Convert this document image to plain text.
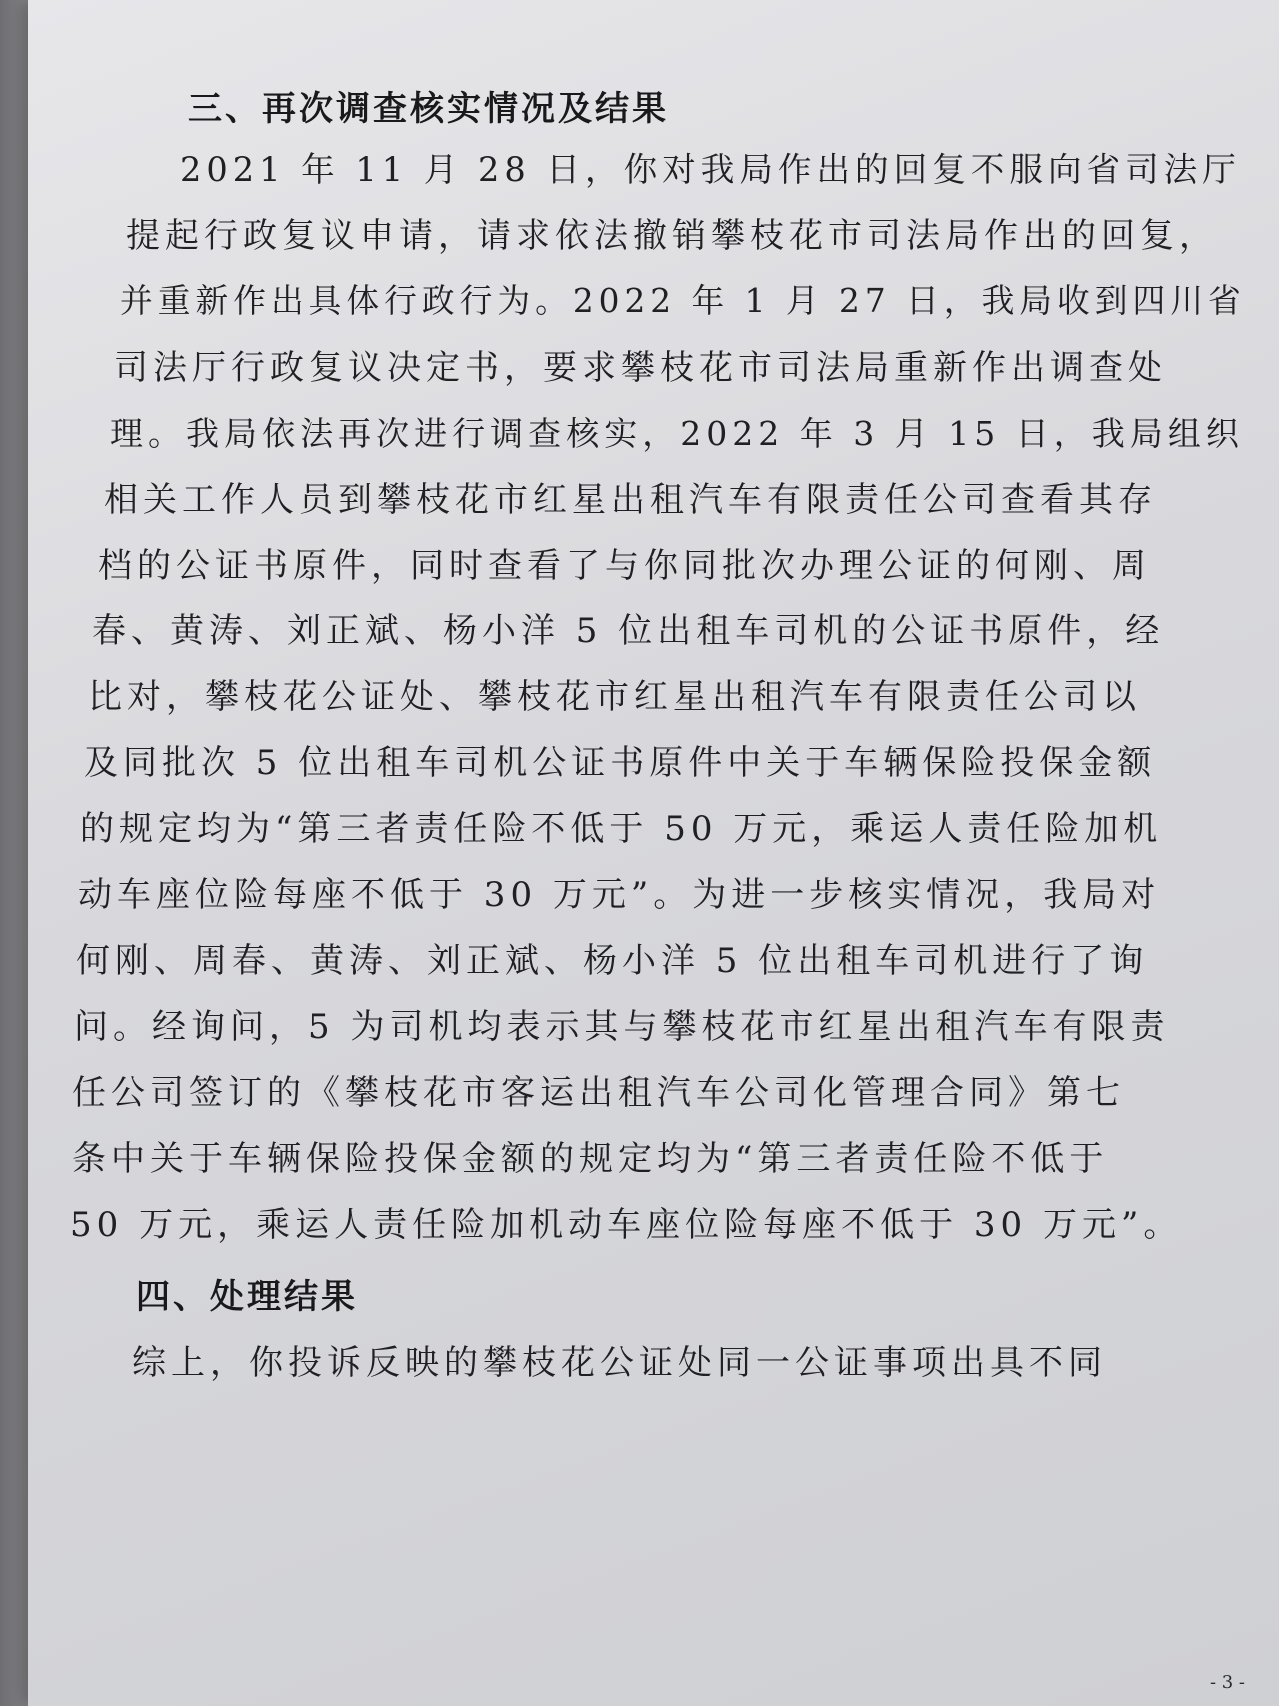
三、再次调查核实情况及结果
2021 年 11 月 28 日，你对我局作出的回复不服向省司法厅
提起行政复议申请，请求依法撤销攀枝花市司法局作出的回复，
并重新作出具体行政行为。2022 年 1 月 27 日，我局收到四川省
司法厅行政复议决定书，要求攀枝花市司法局重新作出调查处
理。我局依法再次进行调查核实，2022 年 3 月 15 日，我局组织
相关工作人员到攀枝花市红星出租汽车有限责任公司查看其存
档的公证书原件，同时查看了与你同批次办理公证的何刚、周
春、黄涛、刘正斌、杨小洋 5 位出租车司机的公证书原件，经
比对，攀枝花公证处、攀枝花市红星出租汽车有限责任公司以
及同批次 5 位出租车司机公证书原件中关于车辆保险投保金额
的规定均为“第三者责任险不低于 50 万元，乘运人责任险加机
动车座位险每座不低于 30 万元”。为进一步核实情况，我局对
何刚、周春、黄涛、刘正斌、杨小洋 5 位出租车司机进行了询
问。经询问，5 为司机均表示其与攀枝花市红星出租汽车有限责
任公司签订的《攀枝花市客运出租汽车公司化管理合同》第七
条中关于车辆保险投保金额的规定均为“第三者责任险不低于
50 万元，乘运人责任险加机动车座位险每座不低于 30 万元”。
四、处理结果
综上，你投诉反映的攀枝花公证处同一公证事项出具不同
- 3 -
